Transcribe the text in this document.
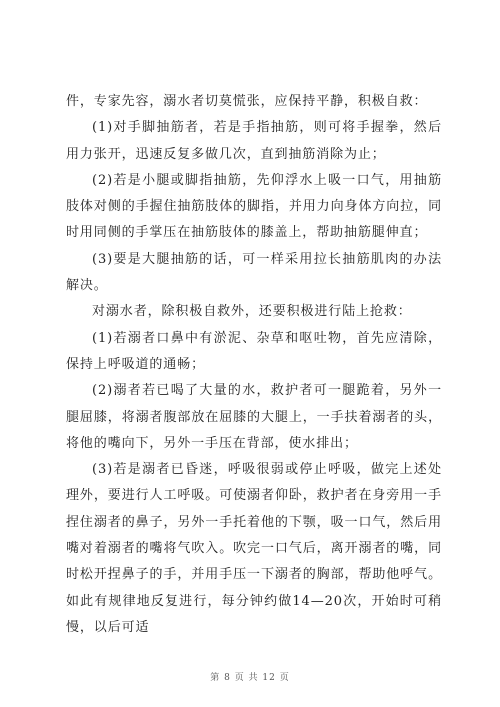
件，专家先容，溺水者切莫慌张，应保持平静，积极自救：

(1)对手脚抽筋者，若是手指抽筋，则可将手握拳，然后用力张开，迅速反复多做几次，直到抽筋消除为止；

(2)若是小腿或脚指抽筋，先仰浮水上吸一口气，用抽筋肢体对侧的手握住抽筋肢体的脚指，并用力向身体方向拉，同时用同侧的手掌压在抽筋肢体的膝盖上，帮助抽筋腿伸直；

(3)要是大腿抽筋的话，可一样采用拉长抽筋肌肉的办法解决。

对溺水者，除积极自救外，还要积极进行陆上抢救：

(1)若溺者口鼻中有淤泥、杂草和呕吐物，首先应清除，保持上呼吸道的通畅；

(2)溺者若已喝了大量的水，救护者可一腿跪着，另外一腿屈膝，将溺者腹部放在屈膝的大腿上，一手扶着溺者的头，将他的嘴向下，另外一手压在背部，使水排出；

(3)若是溺者已昏迷，呼吸很弱或停止呼吸，做完上述处理外，要进行人工呼吸。可使溺者仰卧，救护者在身旁用一手捏住溺者的鼻子，另外一手托着他的下颚，吸一口气，然后用嘴对着溺者的嘴将气吹入。吹完一口气后，离开溺者的嘴，同时松开捏鼻子的手，并用手压一下溺者的胸部，帮助他呼气。如此有规律地反复进行，每分钟约做14—20次，开始时可稍慢，以后可适

第 8 页 共 12 页
